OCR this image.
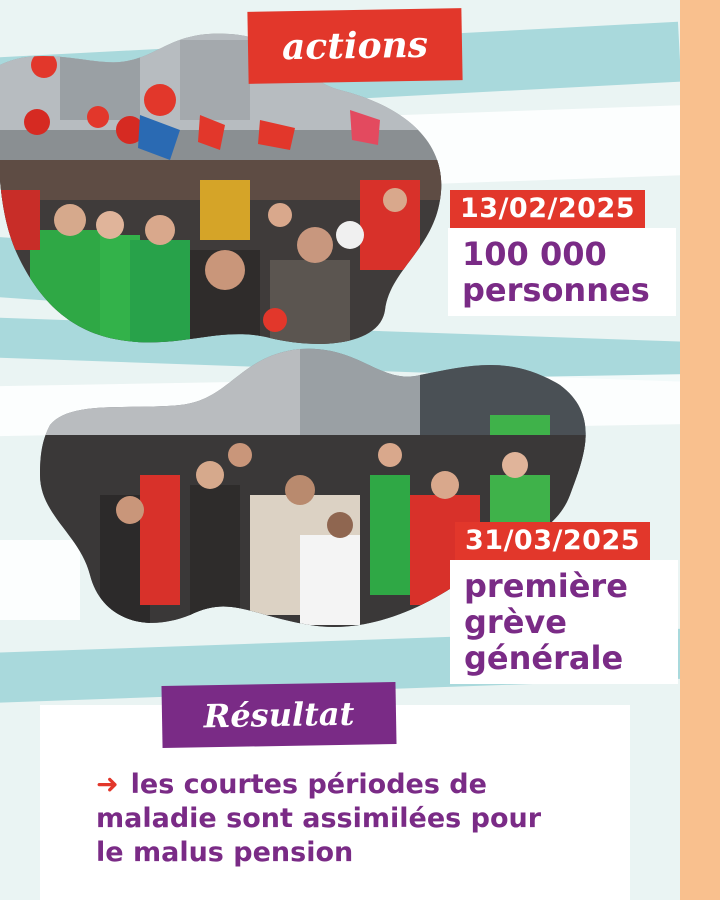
actions
13/02/2025
100 000
personnes
31/03/2025
première
grève
générale
Résultat
➜ les courtes périodes de
maladie sont assimilées pour
le malus pension
